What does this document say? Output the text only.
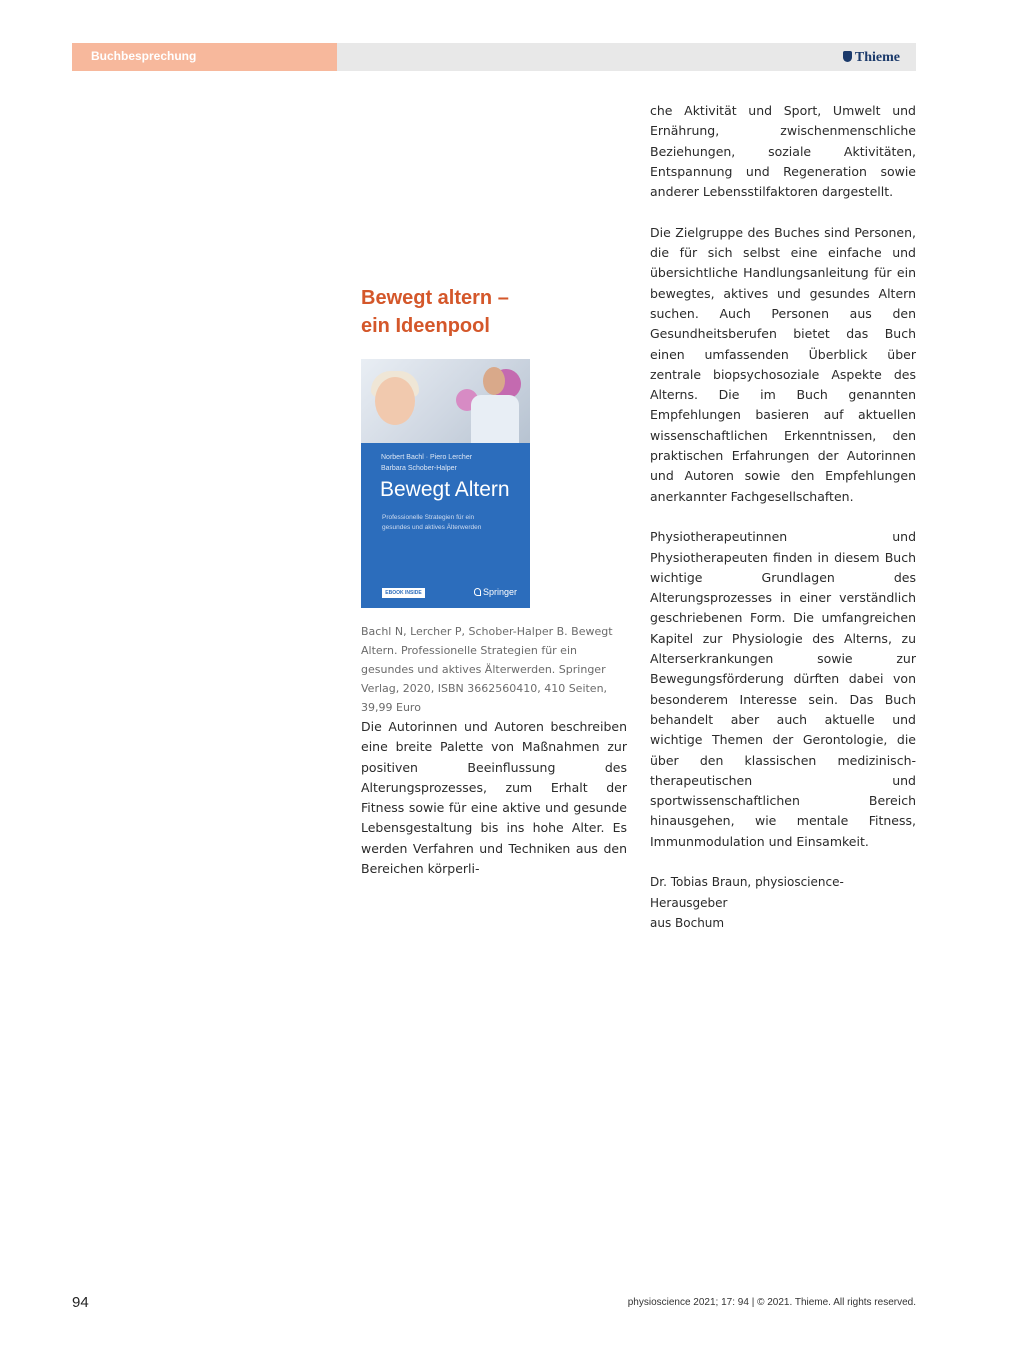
Buchbesprechung	Thieme
Bewegt altern –
ein Ideenpool
Norbert Bachl · Piero Lercher
Barbara Schober-Halper
Bewegt Altern
Professionelle Strategien für ein gesundes und aktives Älterwerden
EBOOK INSIDE	Springer

Bachl N, Lercher P, Schober-Halper B. Bewegt Altern. Professionelle Strategien für ein gesundes und aktives Älterwerden. Springer Verlag, 2020, ISBN 3662560410, 410 Seiten, 39,99 Euro

Die Autorinnen und Autoren beschreiben eine breite Palette von Maßnahmen zur positiven Beeinflussung des Alterungsprozesses, zum Erhalt der Fitness sowie für eine aktive und gesunde Lebensgestaltung bis ins hohe Alter. Es werden Verfahren und Techniken aus den Bereichen körperli-

che Aktivität und Sport, Umwelt und Ernährung, zwischenmenschliche Beziehungen, soziale Aktivitäten, Entspannung und Regeneration sowie anderer Lebensstilfaktoren dargestellt.

Die Zielgruppe des Buches sind Personen, die für sich selbst eine einfache und übersichtliche Handlungsanleitung für ein bewegtes, aktives und gesundes Altern suchen. Auch Personen aus den Gesundheitsberufen bietet das Buch einen umfassenden Überblick über zentrale biopsychosoziale Aspekte des Alterns. Die im Buch genannten Empfehlungen basieren auf aktuellen wissenschaftlichen Erkenntnissen, den praktischen Erfahrungen der Autorinnen und Autoren sowie den Empfehlungen anerkannter Fachgesellschaften.

Physiotherapeutinnen und Physiotherapeuten finden in diesem Buch wichtige Grundlagen des Alterungsprozesses in einer verständlich geschriebenen Form. Die umfangreichen Kapitel zur Physiologie des Alterns, zu Alterserkrankungen sowie zur Bewegungsförderung dürften dabei von besonderem Interesse sein. Das Buch behandelt aber auch aktuelle und wichtige Themen der Gerontologie, die über den klassischen medizinisch-therapeutischen und sportwissenschaftlichen Bereich hinausgehen, wie mentale Fitness, Immunmodulation und Einsamkeit.

Dr. Tobias Braun, physioscience-Herausgeber
aus Bochum

94	physioscience 2021; 17: 94 | © 2021. Thieme. All rights reserved.
